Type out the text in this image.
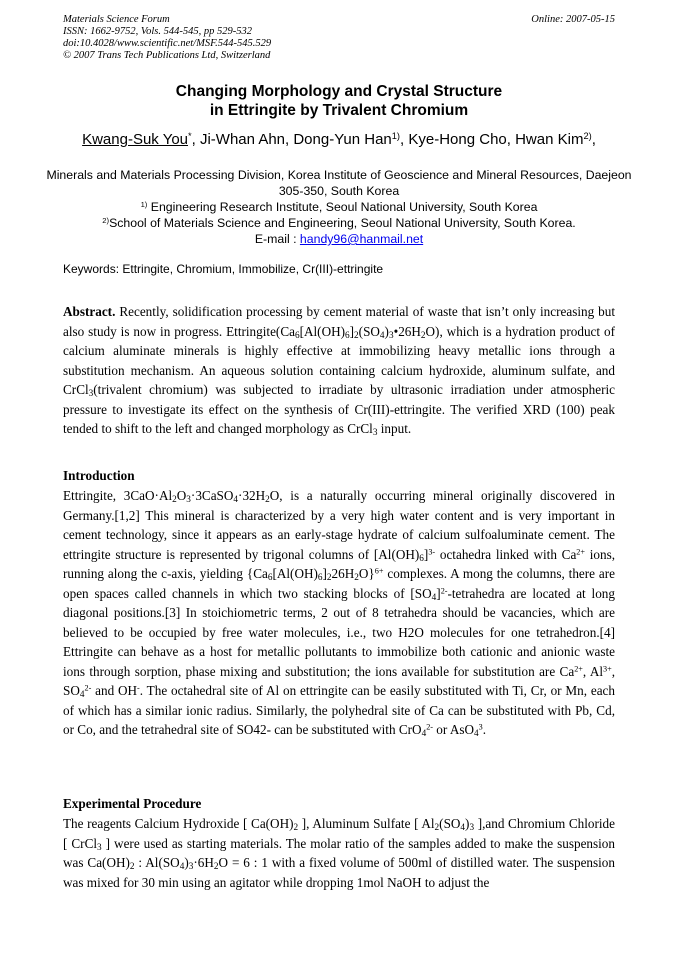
Materials Science Forum	Online: 2007-05-15
ISSN: 1662-9752, Vols. 544-545, pp 529-532
doi:10.4028/www.scientific.net/MSF.544-545.529
© 2007 Trans Tech Publications Ltd, Switzerland
Changing Morphology and Crystal Structure
in Ettringite by Trivalent Chromium
Kwang-Suk You*, Ji-Whan Ahn, Dong-Yun Han$^{1)}$, Kye-Hong Cho, Hwan Kim$^{2)}$,
Minerals and Materials Processing Division, Korea Institute of Geoscience and Mineral Resources, Daejeon 305-350, South Korea
$^{1)}$ Engineering Research Institute, Seoul National University, South Korea
$^{2)}$School of Materials Science and Engineering, Seoul National University, South Korea.
E-mail : handy96@hanmail.net
Keywords: Ettringite, Chromium, Immobilize, Cr(III)-ettringite
Abstract. Recently, solidification processing by cement material of waste that isn’t only increasing but also study is now in progress. $Ettringite(Ca_6[Al(OH)_6]_2(SO_4)_3•26H_2O)$, which is a hydration product of calcium aluminate minerals is highly effective at immobilizing heavy metallic ions through a substitution mechanism. An aqueous solution containing calcium hydroxide, aluminum sulfate, and CrCl$_3$(trivalent chromium) was subjected to irradiate by ultrasonic irradiation under atmospheric pressure to investigate its effect on the synthesis of Cr(III)-ettringite. The verified XRD (100) peak tended to shift to the left and changed morphology as CrCl$_3$ input.
Introduction
Ettringite, $3CaO\cdot Al_2O_3\cdot 3CaSO_4\cdot 32H_2O$, is a naturally occurring mineral originally discovered in Germany.[1,2] This mineral is characterized by a very high water content and is very important in cement technology, since it appears as an early-stage hydrate of calcium sulfoaluminate cement. The ettringite structure is represented by trigonal columns of $[Al(OH)_6]^{3-}$ octahedra linked with $Ca^{2+}$ ions, running along the c-axis, yielding $\{Ca_6[Al(OH)_6]_226H_2O\}^{6+}$ complexes. A mong the columns, there are open spaces called channels in which two stacking blocks of $[SO_4]^{2-}$-tetrahedra are located at long diagonal positions.[3] In stoichiometric terms, 2 out of 8 tetrahedra should be vacancies, which are believed to be occupied by free water molecules, i.e., two H2O molecules for one tetrahedron.[4] Ettringite can behave as a host for metallic pollutants to immobilize both cationic and anionic waste ions through sorption, phase mixing and substitution; the ions available for substitution are $Ca^{2+}$, $Al^{3+}$, $SO_4^{2-}$ and OH-. The octahedral site of Al on ettringite can be easily substituted with Ti, Cr, or Mn, each of which has a similar ionic radius. Similarly, the polyhedral site of Ca can be substituted with Pb, Cd, or Co, and the tetrahedral site of SO42- can be substituted with CrO$_4^{2-}$ or AsO$_4^3$.
Experimental Procedure
The reagents Calcium Hydroxide [ $Ca(OH)_2$ ], Aluminum Sulfate [ $Al_2(SO_4)_3$ ],and Chromium Chloride [ CrCl$_3$ ] were used as starting materials. The molar ratio of the samples added to make the suspension was $Ca(OH)_2$ : $Al(SO_4)_3\cdot 6H_2O = 6$ : 1 with a fixed volume of 500ml of distilled water. The suspension was mixed for 30 min using an agitator while dropping 1mol NaOH to adjust the
